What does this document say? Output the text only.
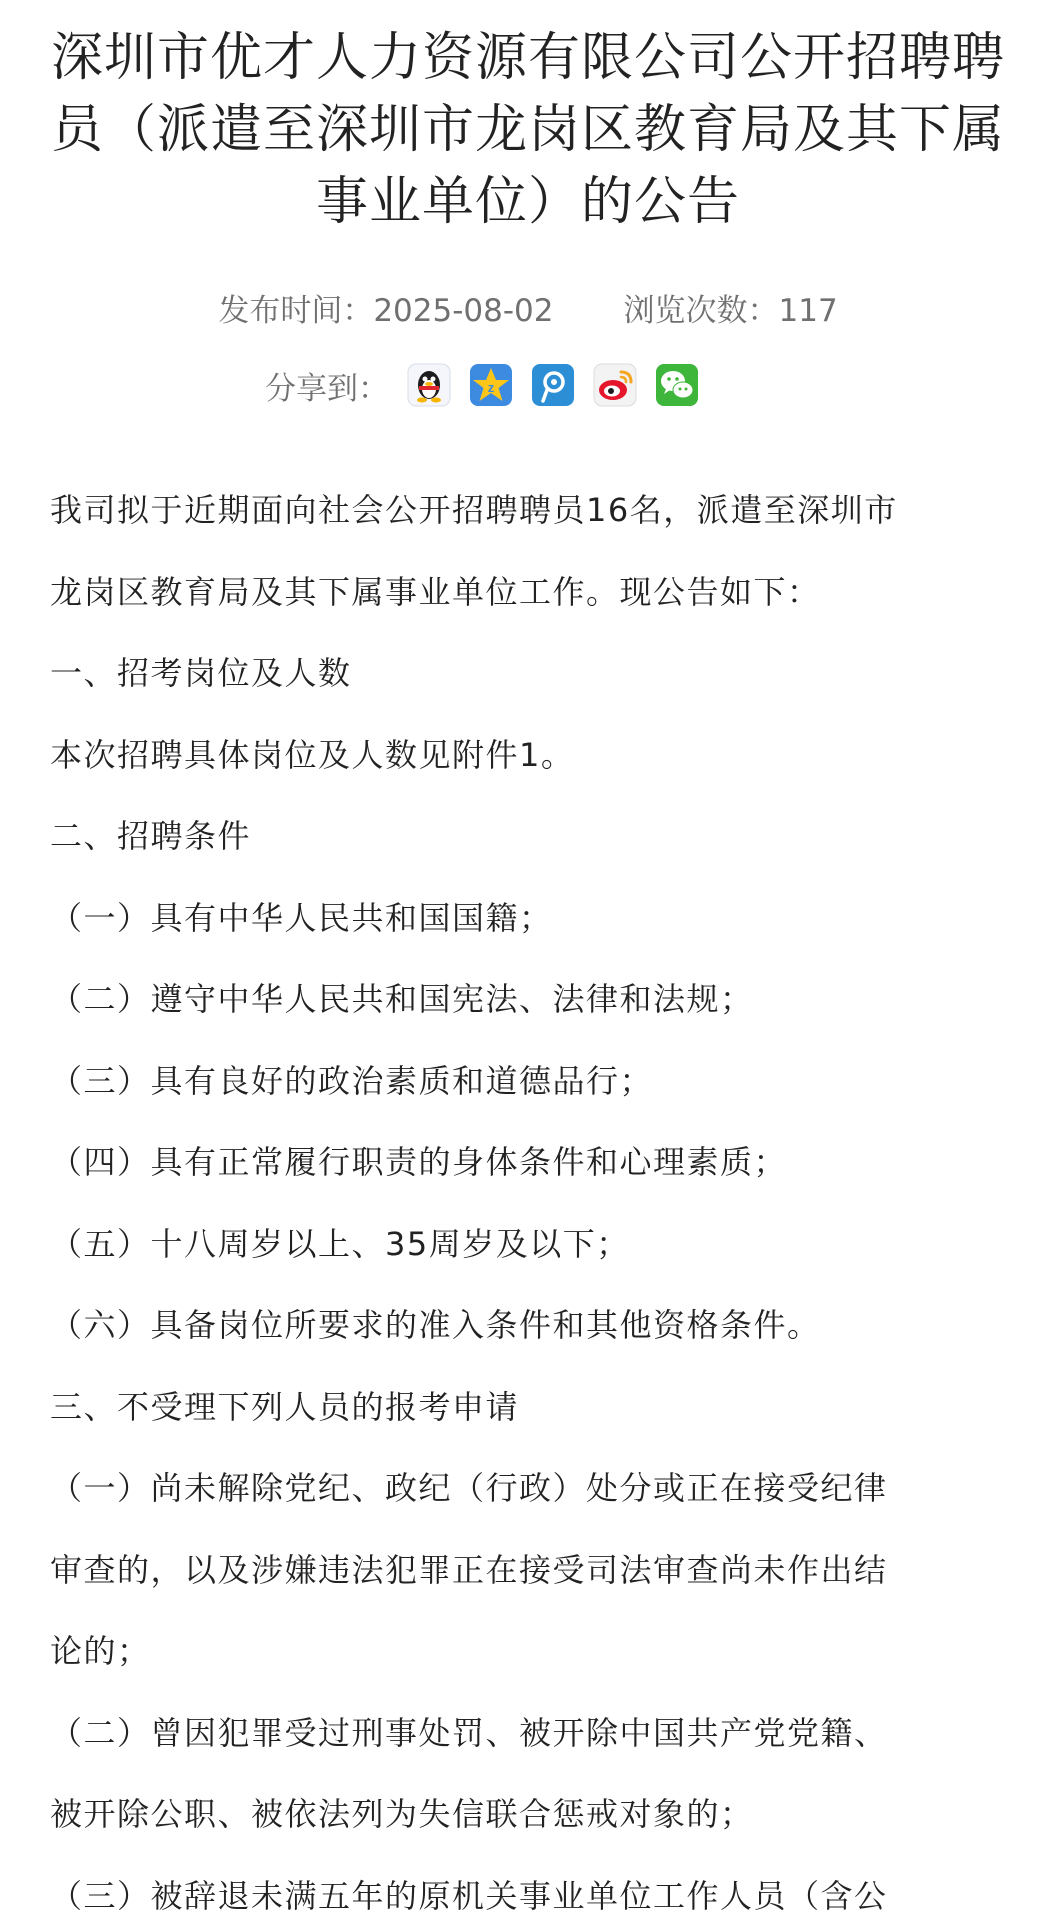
深圳市优才人力资源有限公司公开招聘聘员（派遣至深圳市龙岗区教育局及其下属事业单位）的公告
发布时间：2025-08-02 浏览次数：117
分享到：	z

我司拟于近期面向社会公开招聘聘员16名，派遣至深圳市

龙岗区教育局及其下属事业单位工作。现公告如下：

一、招考岗位及人数

本次招聘具体岗位及人数见附件1。

二、招聘条件

（一）具有中华人民共和国国籍；

（二）遵守中华人民共和国宪法、法律和法规；

（三）具有良好的政治素质和道德品行；

（四）具有正常履行职责的身体条件和心理素质；

（五）十八周岁以上、35周岁及以下；

（六）具备岗位所要求的准入条件和其他资格条件。

三、不受理下列人员的报考申请

（一）尚未解除党纪、政纪（行政）处分或正在接受纪律

审查的，以及涉嫌违法犯罪正在接受司法审查尚未作出结

论的；

（二）曾因犯罪受过刑事处罚、被开除中国共产党党籍、

被开除公职、被依法列为失信联合惩戒对象的；

（三）被辞退未满五年的原机关事业单位工作人员（含公
